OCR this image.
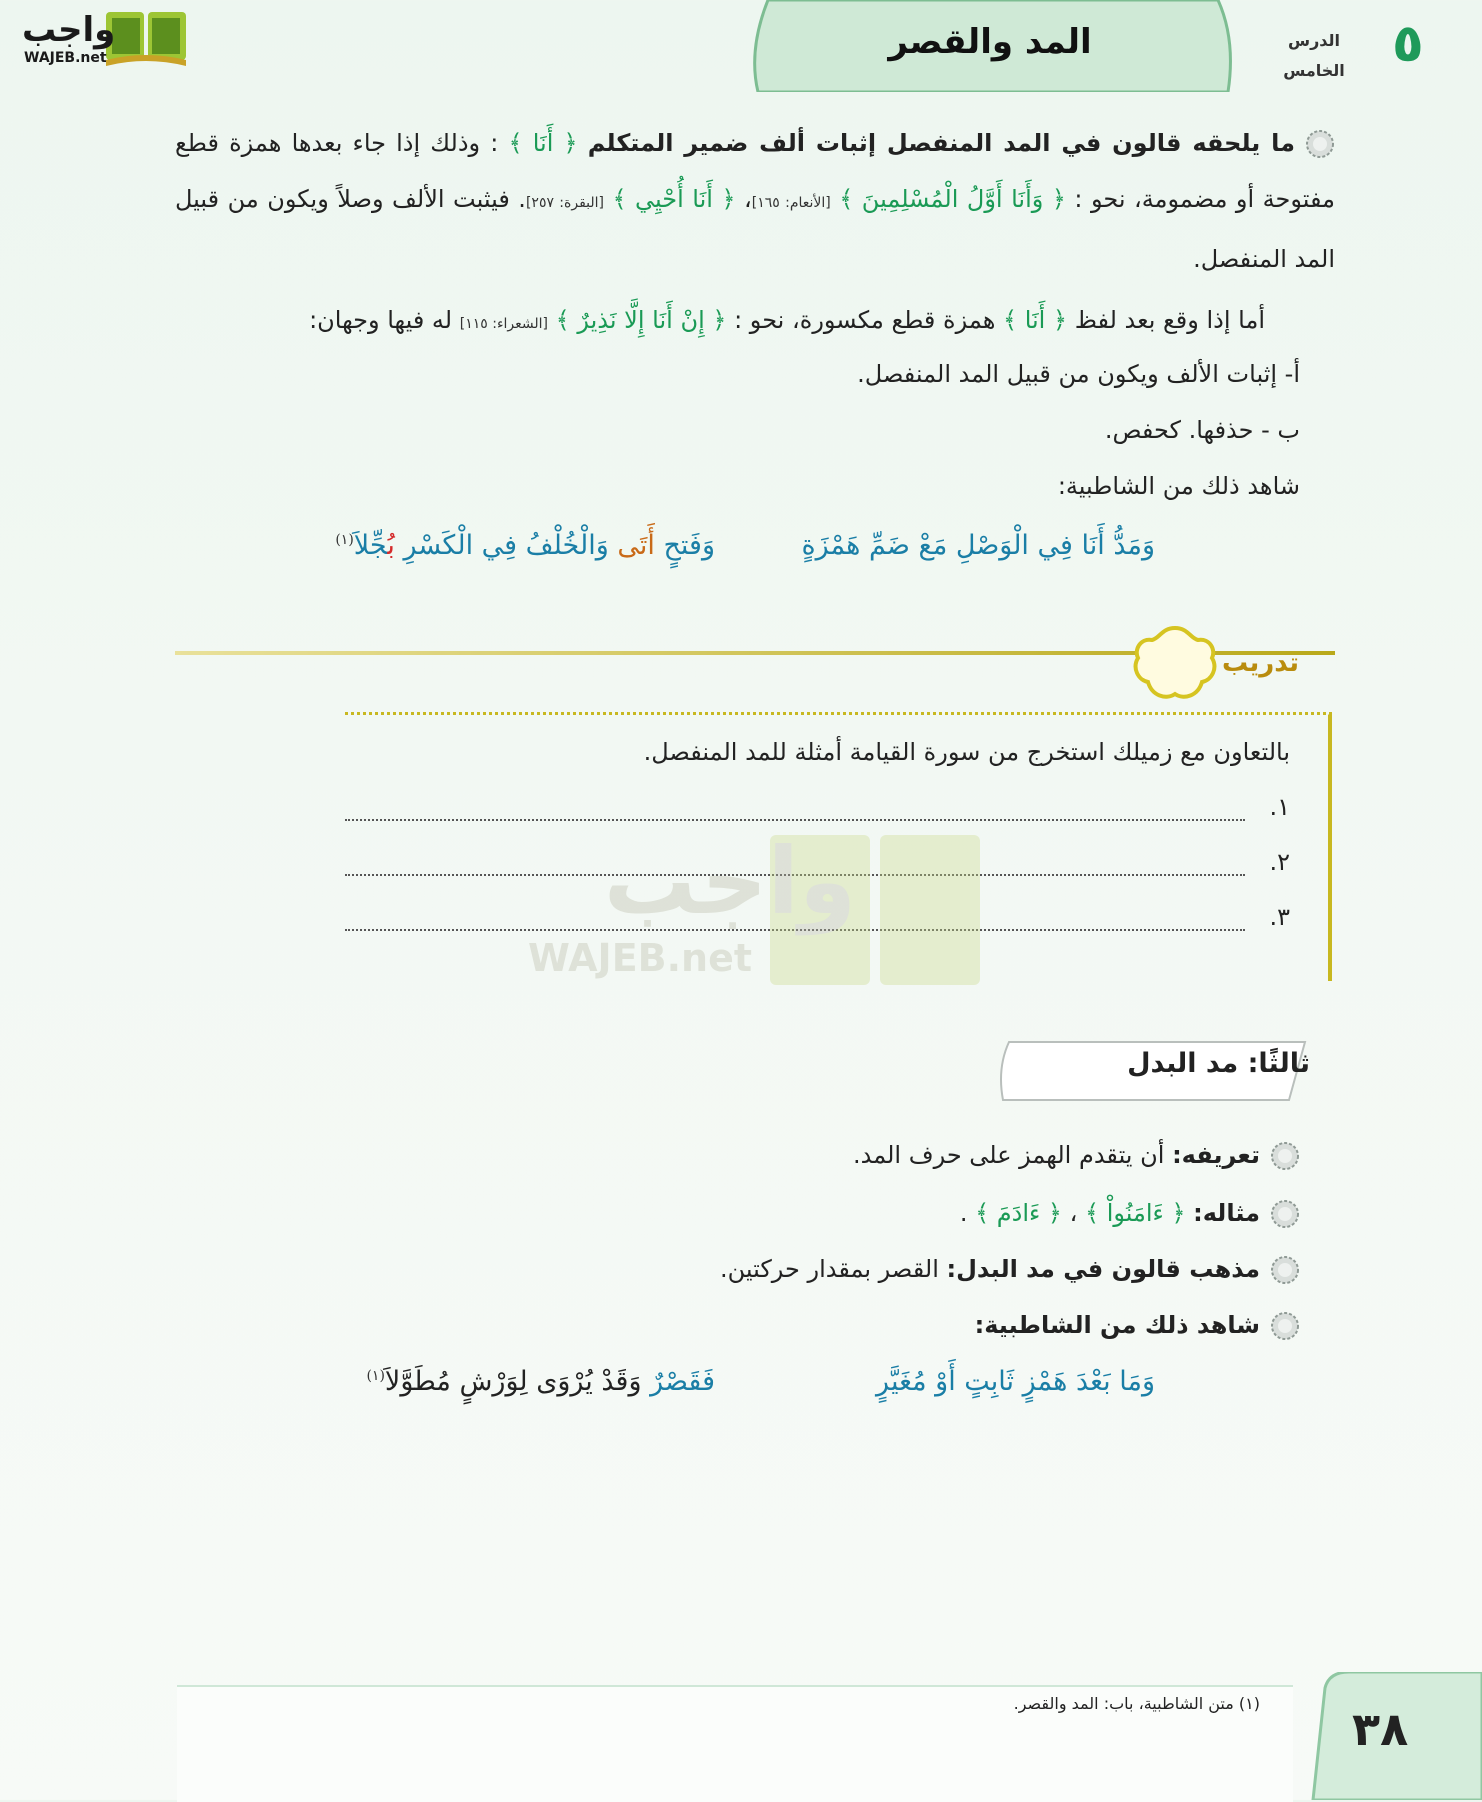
واجب
WAJEB.net	المد والقصر	الدرس
الخامس ٥
ما يلحقه قالون في المد المنفصل إثبات ألف ضمير المتكلم ﴿ أَنَا ﴾ : وذلك إذا جاء بعدها همزة قطع مفتوحة أو مضمومة، نحو : ﴿ وَأَنَا أَوَّلُ الْمُسْلِمِينَ ﴾ [الأنعام: ١٦٥]، ﴿ أَنَا أُحْيِي ﴾ [البقرة: ٢٥٧]. فيثبت الألف وصلاً ويكون من قبيل المد المنفصل.
أما إذا وقع بعد لفظ ﴿ أَنَا ﴾ همزة قطع مكسورة، نحو : ﴿ إِنْ أَنَا إِلَّا نَذِيرٌ ﴾ [الشعراء: ١١٥] له فيها وجهان:
أ- إثبات الألف ويكون من قبيل المد المنفصل.
ب - حذفها. كحفص.
شاهد ذلك من الشاطبية:
وَمَدُّ أَنَا فِي الْوَصْلِ مَعْ ضَمِّ هَمْزَةٍ
وَفَتحٍ أَتَى وَالْخُلْفُ فِي الْكَسْرِ بُجِّلاَ$^{(١)}$
تدريب
بالتعاون مع زميلك استخرج من سورة القيامة أمثلة للمد المنفصل.
١.
٢.
٣.
واجب
WAJEB.net
ثالثًا: مد البدل
تعريفه: أن يتقدم الهمز على حرف المد.
مثاله: ﴿ ءَامَنُواْ ﴾ ، ﴿ ءَادَمَ ﴾ .
مذهب قالون في مد البدل: القصر بمقدار حركتين.
شاهد ذلك من الشاطبية:
وَمَا بَعْدَ هَمْزٍ ثَابِتٍ أَوْ مُغَيَّرٍ
فَقَصْرٌ وَقَدْ يُرْوَى لِوَرْشٍ مُطَوَّلاَ$^{(١)}$
(١) متن الشاطبية، باب: المد والقصر. ٣٨
